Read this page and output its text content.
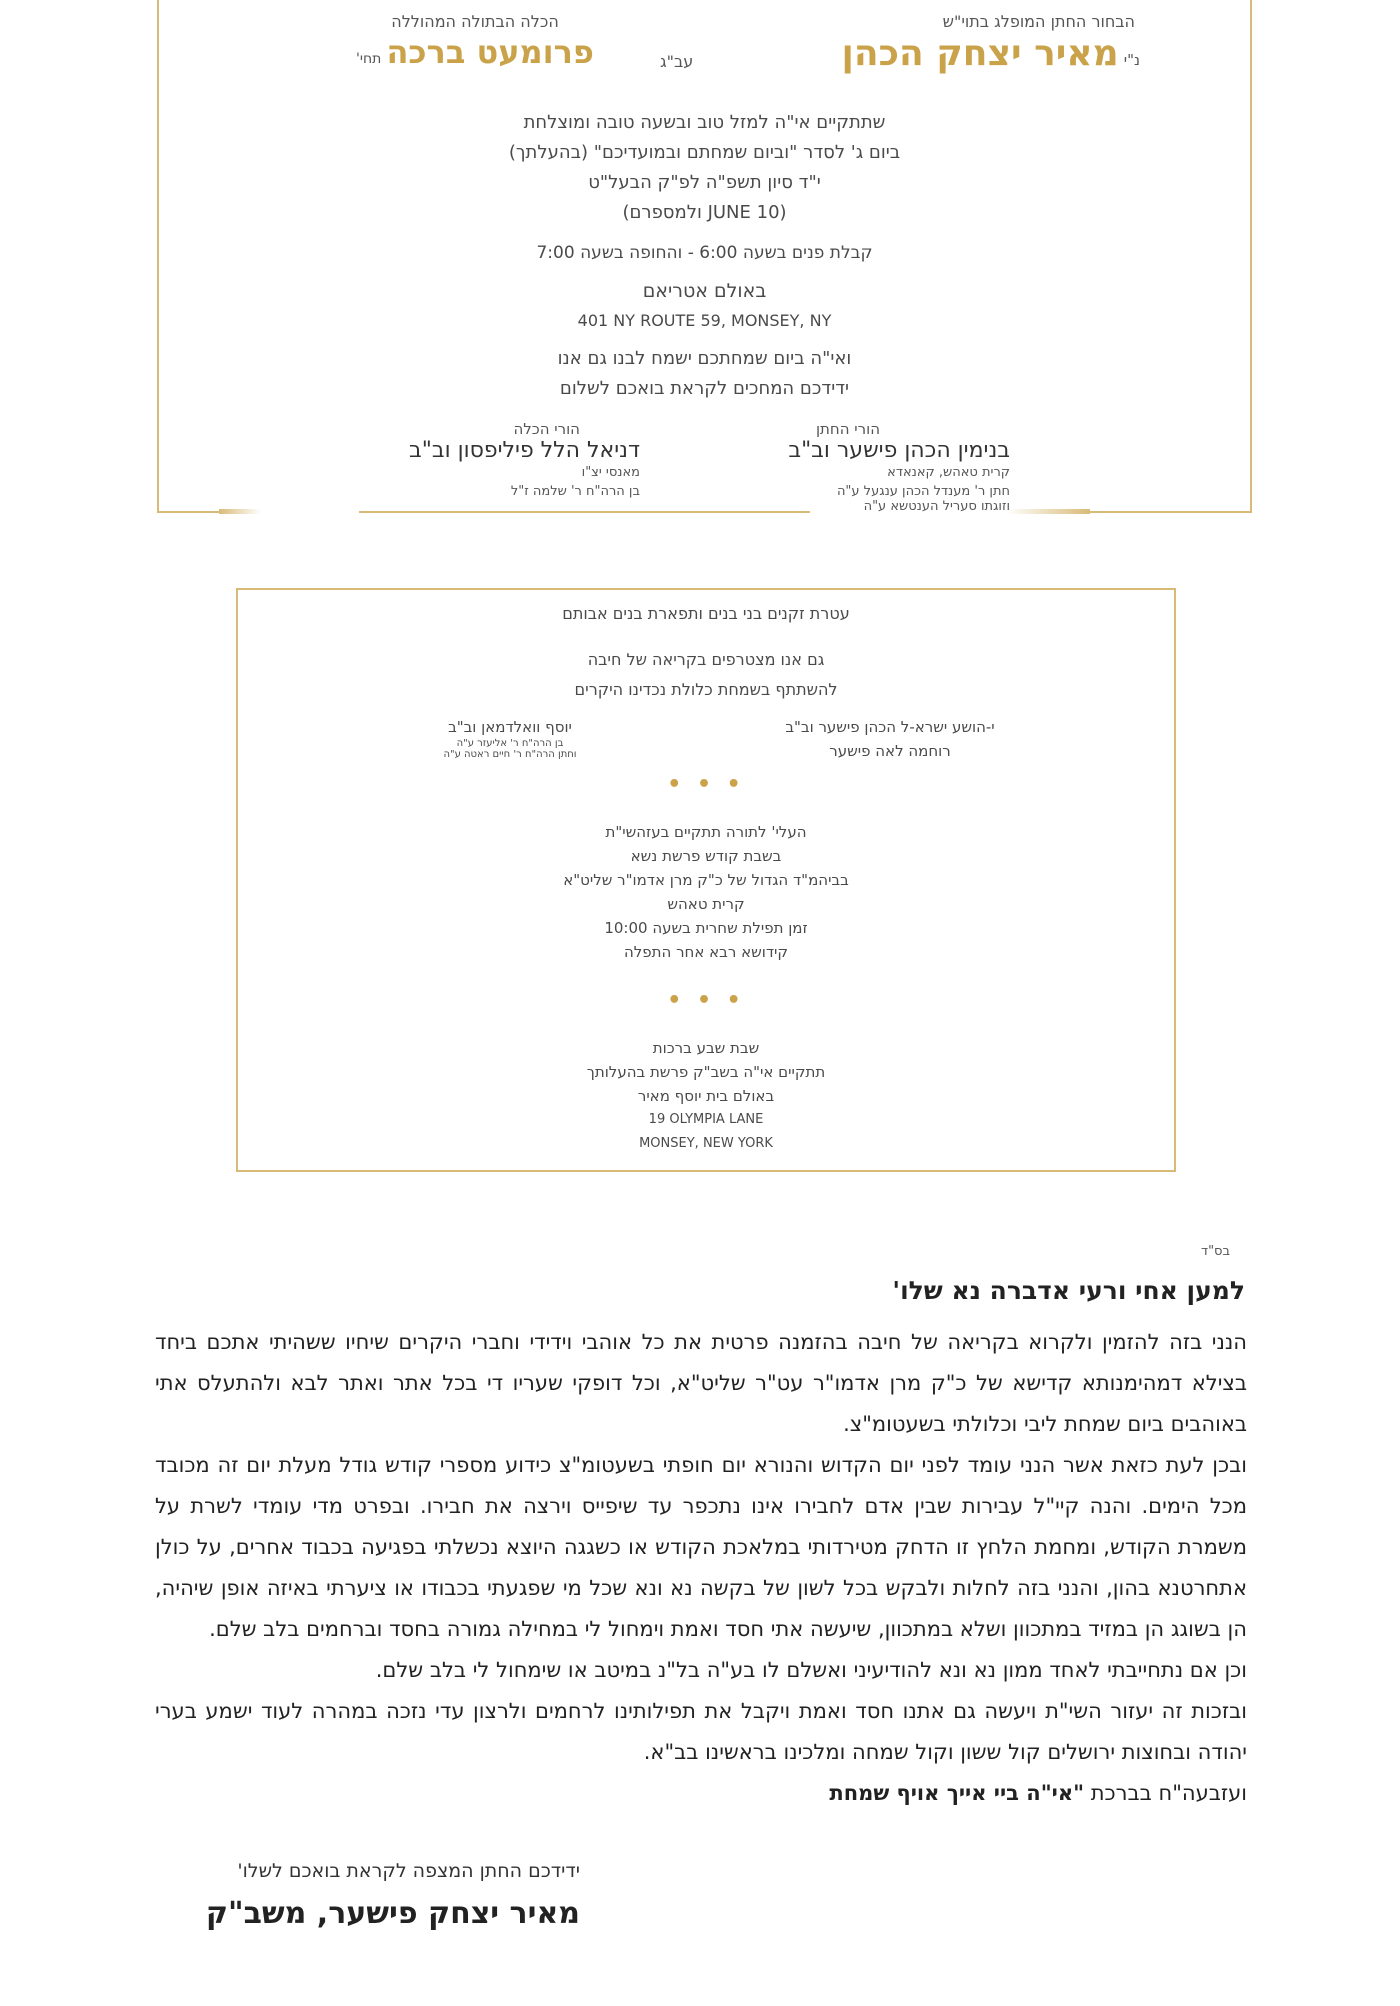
הבחור החתן המופלג בתוי"ש
נ"י מאיר יצחק הכהן
עב"ג
הכלה הבתולה המהוללה
פרומעט ברכה תחי'
שתתקיים אי"ה למזל טוב ובשעה טובה ומוצלחת
ביום ג' לסדר "וביום שמחתם ובמועדיכם" (בהעלתך)
י"ד סיון תשפ"ה לפ"ק הבעל"ט
(JUNE 10 ולמספרם)
קבלת פנים בשעה 6:00 - והחופה בשעה 7:00
באולם אטריאם
401 NY ROUTE 59, MONSEY, NY
ואי"ה ביום שמחתכם ישמח לבנו גם אנו
ידידכם המחכים לקראת בואכם לשלום
הורי החתן
בנימין הכהן פישער וב"ב
קרית טאהש, קאנאדא
חתן ר' מענדל הכהן ענגעל ע"ה
וזוגתו סעריל הענטשא ע"ה
הורי הכלה
דניאל הלל פיליפסון וב"ב
מאנסי יצ"ו
בן הרה"ח ר' שלמה ז"ל
עטרת זקנים בני בנים ותפארת בנים אבותם
גם אנו מצטרפים בקריאה של חיבה
להשתתף בשמחת כלולת נכדינו היקרים
י-הושע ישרא-ל הכהן פישער וב"ב
רוחמה לאה פישער
יוסף וואלדמאן וב"ב
בן הרה"ח ר' אליעזר ע"ה
וחתן הרה"ח ר' חיים ראטה ע"ה
• • •
העלי' לתורה תתקיים בעזהשי"ת
בשבת קודש פרשת נשא
בביהמ"ד הגדול של כ"ק מרן אדמו"ר שליט"א
קרית טאהש
זמן תפילת שחרית בשעה 10:00
קידושא רבא אחר התפלה
• • •
שבת שבע ברכות
תתקיים אי"ה בשב"ק פרשת בהעלותך
באולם בית יוסף מאיר
19 OLYMPIA LANE
MONSEY, NEW YORK
בס"ד
למען אחי ורעי אדברה נא שלו'

הנני בזה להזמין ולקרוא בקריאה של חיבה בהזמנה פרטית את כל אוהבי וידידי וחברי היקרים שיחיו ששהיתי אתכם ביחד בצילא דמהימנותא קדישא של כ"ק מרן אדמו"ר עט"ר שליט"א, וכל דופקי שעריו די בכל אתר ואתר לבא ולהתעלס אתי באוהבים ביום שמחת ליבי וכלולתי בשעטומ"צ.

ובכן לעת כזאת אשר הנני עומד לפני יום הקדוש והנורא יום חופתי בשעטומ"צ כידוע מספרי קודש גודל מעלת יום זה מכובד מכל הימים. והנה קיי"ל עבירות שבין אדם לחבירו אינו נתכפר עד שיפייס וירצה את חבירו. ובפרט מדי עומדי לשרת על משמרת הקודש, ומחמת הלחץ זו הדחק מטירדותי במלאכת הקודש או כשגגה היוצא נכשלתי בפגיעה בכבוד אחרים, על כולן אתחרטנא בהון, והנני בזה לחלות ולבקש בכל לשון של בקשה נא ונא שכל מי שפגעתי בכבודו או ציערתי באיזה אופן שיהיה, הן בשוגג הן במזיד במתכוון ושלא במתכוון, שיעשה אתי חסד ואמת וימחול לי במחילה גמורה בחסד וברחמים בלב שלם.

וכן אם נתחייבתי לאחד ממון נא ונא להודיעיני ואשלם לו בע"ה בל"נ במיטב או שימחול לי בלב שלם.

ובזכות זה יעזור השי"ת ויעשה גם אתנו חסד ואמת ויקבל את תפילותינו לרחמים ולרצון עדי נזכה במהרה לעוד ישמע בערי יהודה ובחוצות ירושלים קול ששון וקול שמחה ומלכינו בראשינו בב"א.

ועזבעה"ח בברכת "אי"ה ביי אייך אויף שמחת

ידידכם החתן המצפה לקראת בואכם לשלו'
מאיר יצחק פישער, משב"ק
